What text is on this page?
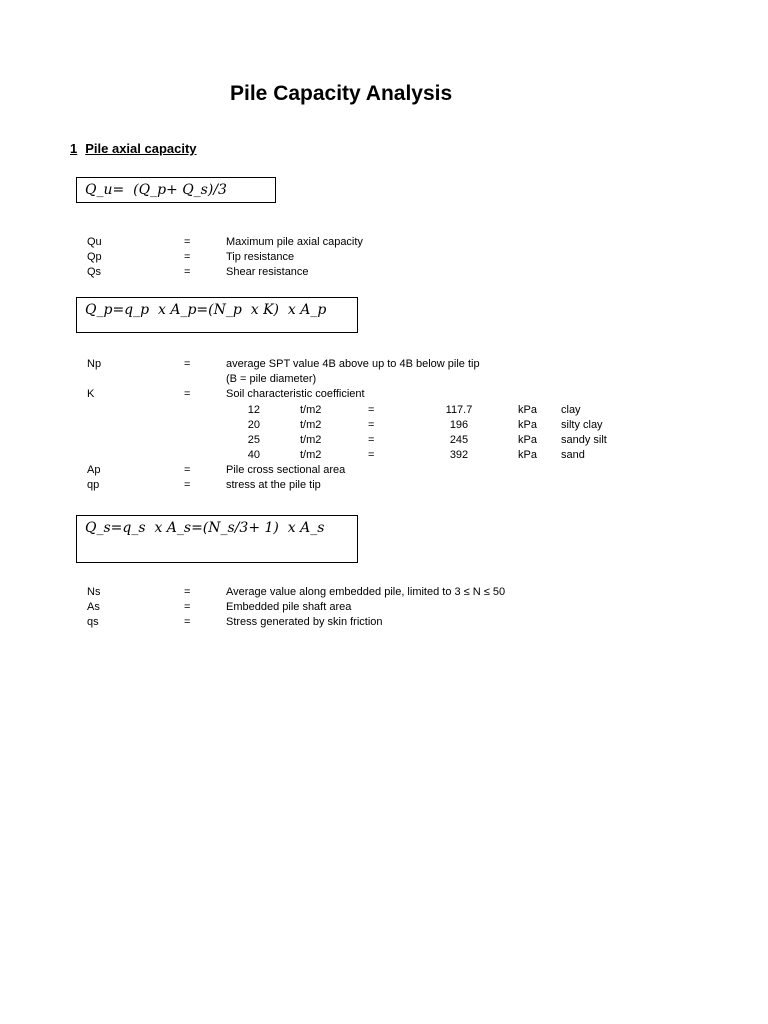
Pile Capacity Analysis
1 Pile axial capacity
Q_u=  (Q_p+ Q_s)/3
Qu	=	Maximum pile axial capacity
Qp	=	Tip resistance
Qs	=	Shear resistance
Q_p=q_p  x A_p=(N_p  x K)  x A_p
Np	=	average SPT value 4B above up to 4B below pile tip
(B = pile diameter)
K	=	Soil characteristic coefficient
12	t/m2	=	117.7	kPa clay
20	t/m2	=	196	kPa silty clay
25	t/m2	=	245	kPa sandy silt
40	t/m2	=	392	kPa sand
Ap	=	Pile cross sectional area
qp	=	stress at the pile tip
Q_s=q_s  x A_s=(N_s/3+ 1)  x A_s
Ns	=	Average value along embedded pile, limited to 3 ≤ N ≤ 50
As	=	Embedded pile shaft area
qs	=	Stress generated by skin friction
